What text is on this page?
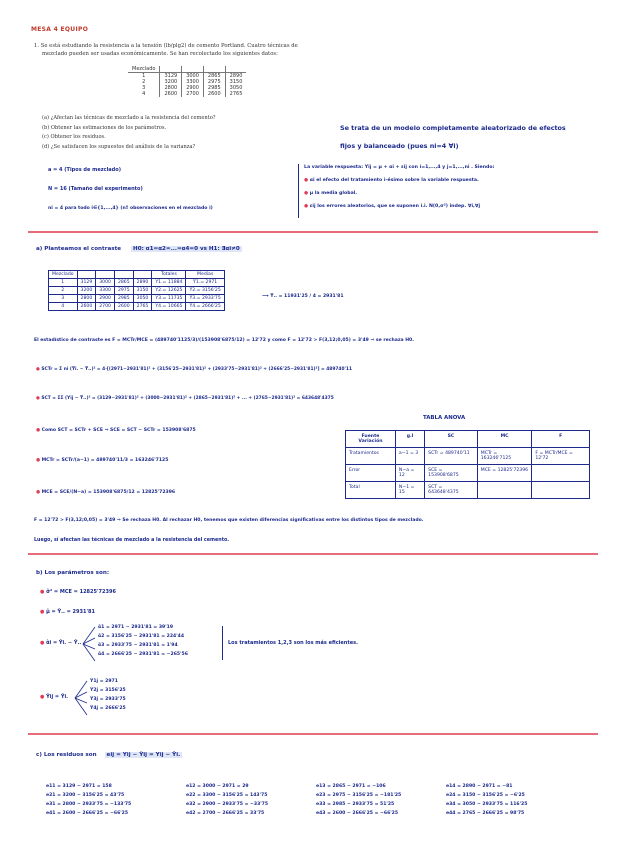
MESA 4 EQUIPO
1. Se está estudiando la resistencia a la tensión (lb/plg2) de cemento Portland. Cuatro técnicas de
mezclado pueden ser usadas económicamente. Se han recolectado los siguientes datos:
Mezclado				
1	3129	3000	2865	2890
2	3200	3300	2975	3150
3	2800	2900	2985	3050
4	2600	2700	2600	2765
(a) ¿Afectan las técnicas de mezclado a la resistencia del cemento?
(b) Obtener las estimaciones de los parámetros.
(c) Obtener los residuos.
(d) ¿Se satisfacen los supuestos del análisis de la varianza?
Se trata de un modelo completamente aleatorizado de efectos
fijos y balanceado (pues ni=4 ∀i)
a = 4 (Tipos de mezclado)
N = 16 (Tamaño del experimento)
ni = 4 para todo i∈{1,...,4} (nº observaciones en el mezclado i)
La variable respuesta: Yij = μ + αi + εij con i=1,...,4 y j=1,...,ni . Siendo:
● αi el efecto del tratamiento i-ésimo sobre la variable respuesta.
● μ la media global.
● εij los errores aleatorios, que se suponen i.i. N(0,σ²) indep. ∀i,∀j
a) Planteamos el contraste H0: α1=α2=...=α4=0 vs H1: ∃αi≠0
Mezclado					Totales	Medias
1	3129	3000	2865	2890	Y1.= 11884	Ȳ1.= 2971
2	3200	3300	2975	3150	Y2.= 12625	Ȳ2.= 3156'25
3	2800	2900	2985	3050	Y3.= 11735	Ȳ3.= 2933'75
4	2600	2700	2600	2765	Y4.= 10665	Ȳ4.= 2666'25
⟶ Ȳ.. = 11931'25 / 4 = 2931'81
El estadístico de contraste es F = MCTr/MCE = (489740'1125/3)/(153908'6875/12) = 12'72 y como F = 12'72 > F(3,12;0,05) = 3'49 ⇒ se rechaza H0.
● SCTr = Σ ni (Ȳi. − Ȳ..)² = 4·[(2971−2931'81)² + (3156'25−2931'81)² + (2933'75−2931'81)² + (2666'25−2931'81)²] = 489740'11
● SCT = ΣΣ (Yij − Ȳ..)² = (3129−2931'81)² + (3000−2931'81)² + (2865−2931'81)² + ... + (2765−2931'81)² = 643648'4375
● Como SCT = SCTr + SCE ⇒ SCE = SCT − SCTr = 153908'6875
● MCTr = SCTr/(a−1) = 489740'11/3 = 163246'7125
● MCE = SCE/(N−a) = 153908'6875/12 = 12825'72396
TABLA ANOVA
Fuente Variación	g.l	SC	MC	F
Tratamientos	a−1 = 3	SCTr = 489740'11	MCTr = 163246'7125	F = MCTr/MCE = 12'72
Error	N−a = 12	SCE = 153908'6875	MCE = 12825'72396	
Total	N−1 = 15	SCT = 643648'4375		
F = 12'72 > F(3,12;0,05) = 3'49 ⇒ Se rechaza H0. Al rechazar H0, tenemos que existen diferencias significativas entre los distintos tipos de mezclado.
Luego, sí afectan las técnicas de mezclado a la resistencia del cemento.
b) Los parámetros son:
● σ̂² = MCE = 12825'72396
● μ̂ = Ȳ.. = 2931'81
● α̂i = Ȳi. − Ȳ..
α̂1 = 2971 − 2931'81 = 39'19
α̂2 = 3156'25 − 2931'81 = 224'44
α̂3 = 2933'75 − 2931'81 = 1'94
α̂4 = 2666'25 − 2931'81 = −265'56
Los tratamientos 1,2,3 son los más eficientes.
● Ŷij = Ȳi.
Ŷ1j = 2971
Ŷ2j = 3156'25
Ŷ3j = 2933'75
Ŷ4j = 2666'25
c) Los residuos son eij = Yij − Ŷij = Yij − Ȳi.
e11 = 3129 − 2971 = 158
e21 = 3200 − 3156'25 = 43'75
e31 = 2800 − 2933'75 = −133'75
e41 = 2600 − 2666'25 = −66'25
e12 = 3000 − 2971 = 29
e22 = 3300 − 3156'25 = 143'75
e32 = 2900 − 2933'75 = −33'75
e42 = 2700 − 2666'25 = 33'75
e13 = 2865 − 2971 = −106
e23 = 2975 − 3156'25 = −181'25
e33 = 2985 − 2933'75 = 51'25
e43 = 2600 − 2666'25 = −66'25
e14 = 2890 − 2971 = −81
e24 = 3150 − 3156'25 = −6'25
e34 = 3050 − 2933'75 = 116'25
e44 = 2765 − 2666'25 = 98'75
